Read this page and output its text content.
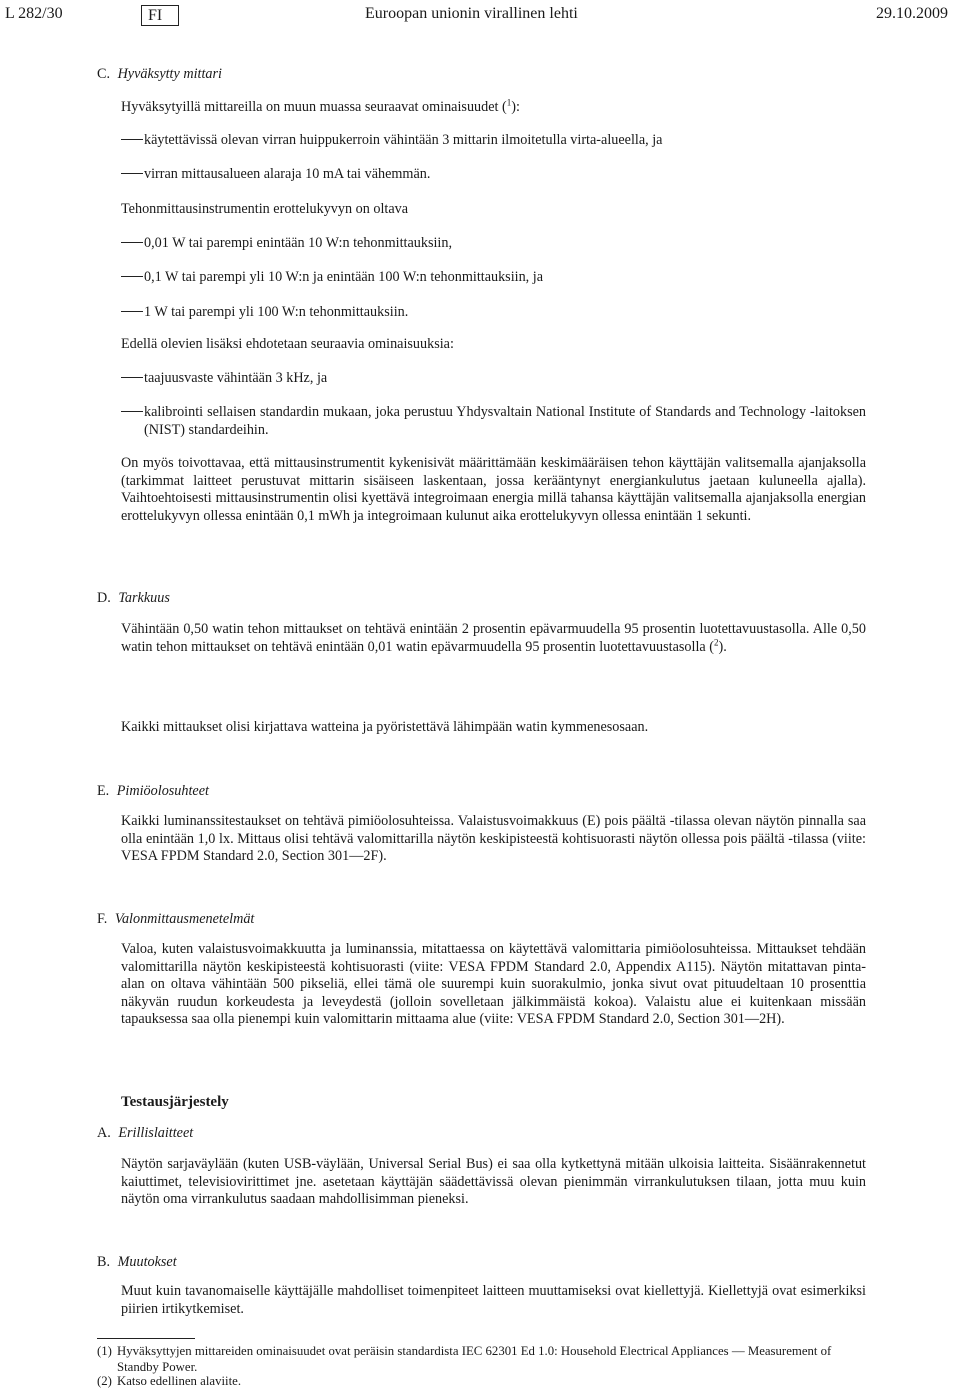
L 282/30	FI	Euroopan unionin virallinen lehti	29.10.2009
C. Hyväksytty mittari
Hyväksytyillä mittareilla on muun muassa seuraavat ominaisuudet ($^1$):
käytettävissä olevan virran huippukerroin vähintään 3 mittarin ilmoitetulla virta-alueella, ja
virran mittausalueen alaraja 10 mA tai vähemmän.
Tehonmittausinstrumentin erottelukyvyn on oltava
0,01 W tai parempi enintään 10 W:n tehonmittauksiin,
0,1 W tai parempi yli 10 W:n ja enintään 100 W:n tehonmittauksiin, ja
1 W tai parempi yli 100 W:n tehonmittauksiin.
Edellä olevien lisäksi ehdotetaan seuraavia ominaisuuksia:
taajuusvaste vähintään 3 kHz, ja
kalibrointi sellaisen standardin mukaan, joka perustuu Yhdysvaltain National Institute of Standards and Technology -laitoksen (NIST) standardeihin.
On myös toivottavaa, että mittausinstrumentit kykenisivät määrittämään keskimääräisen tehon käyttäjän valitsemalla ajanjaksolla (tarkimmat laitteet perustuvat mittarin sisäiseen laskentaan, jossa kerääntynyt energiankulutus jaetaan kuluneella ajalla). Vaihtoehtoisesti mittausinstrumentin olisi kyettävä integroimaan energia millä tahansa käyttäjän valitsemalla ajanjaksolla energian erottelukyvyn ollessa enintään 0,1 mWh ja integroimaan kulunut aika erottelukyvyn ollessa enintään 1 sekunti.
D. Tarkkuus
Vähintään 0,50 watin tehon mittaukset on tehtävä enintään 2 prosentin epävarmuudella 95 prosentin luotettavuustasolla. Alle 0,50 watin tehon mittaukset on tehtävä enintään 0,01 watin epävarmuudella 95 prosentin luotettavuustasolla ($^2$).
Kaikki mittaukset olisi kirjattava watteina ja pyöristettävä lähimpään watin kymmenesosaan.
E. Pimiöolosuhteet
Kaikki luminanssitestaukset on tehtävä pimiöolosuhteissa. Valaistusvoimakkuus (E) pois päältä -tilassa olevan näytön pinnalla saa olla enintään 1,0 lx. Mittaus olisi tehtävä valomittarilla näytön keskipisteestä kohtisuorasti näytön ollessa pois päältä -tilassa (viite: VESA FPDM Standard 2.0, Section 301—2F).
F. Valonmittausmenetelmät
Valoa, kuten valaistusvoimakkuutta ja luminanssia, mitattaessa on käytettävä valomittaria pimiöolosuhteissa. Mittaukset tehdään valomittarilla näytön keskipisteestä kohtisuorasti (viite: VESA FPDM Standard 2.0, Appendix A115). Näytön mitattavan pinta-alan on oltava vähintään 500 pikseliä, ellei tämä ole suurempi kuin suorakulmio, jonka sivut ovat pituudeltaan 10 prosenttia näkyvän ruudun korkeudesta ja leveydestä (jolloin sovelletaan jälkimmäistä kokoa). Valaistu alue ei kuitenkaan missään tapauksessa saa olla pienempi kuin valomittarin mittaama alue (viite: VESA FPDM Standard 2.0, Section 301—2H).
Testausjärjestely
A. Erillislaitteet
Näytön sarjaväylään (kuten USB-väylään, Universal Serial Bus) ei saa olla kytkettynä mitään ulkoisia laitteita. Sisäänrakennetut kaiuttimet, televisiovirittimet jne. asetetaan käyttäjän säädettävissä olevan pienimmän virrankulutuksen tilaan, jotta muu kuin näytön oma virrankulutus saadaan mahdollisimman pieneksi.
B. Muutokset
Muut kuin tavanomaiselle käyttäjälle mahdolliset toimenpiteet laitteen muuttamiseksi ovat kiellettyjä. Kiellettyjä ovat esimerkiksi piirien irtikytkemiset.
(1) Hyväksyttyjen mittareiden ominaisuudet ovat peräisin standardista IEC 62301 Ed 1.0: Household Electrical Appliances — Measurement of Standby Power.
(2) Katso edellinen alaviite.
